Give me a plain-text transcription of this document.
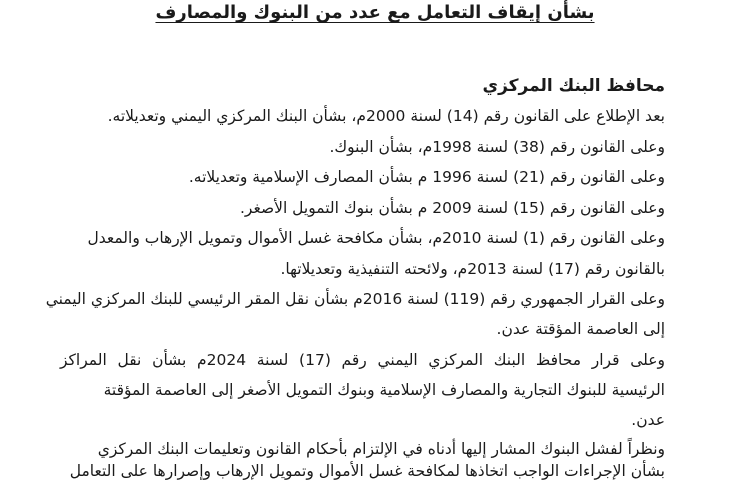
بشأن إيقاف التعامل مع عدد من البنوك والمصارف
محافظ البنك المركزي
بعد الإطلاع على القانون رقم (14) لسنة 2000م، بشأن البنك المركزي اليمني وتعديلاته.
وعلى القانون رقم (38) لسنة 1998م، بشأن البنوك.
وعلى القانون رقم (21) لسنة 1996 م بشأن المصارف الإسلامية وتعديلاته.
وعلى القانون رقم (15) لسنة 2009 م بشأن بنوك التمويل الأصغر.
وعلى القانون رقم (1) لسنة 2010م، بشأن مكافحة غسل الأموال وتمويل الإرهاب والمعدل
بالقانون رقم (17) لسنة 2013م، ولائحته التنفيذية وتعديلاتها.
وعلى القرار الجمهوري رقم (119) لسنة 2016م بشأن نقل المقر الرئيسي للبنك المركزي اليمني
إلى العاصمة المؤقتة عدن.
وعلى قرار محافظ البنك المركزي اليمني رقم (17) لسنة 2024م بشأن نقل المراكز
الرئيسية للبنوك التجارية والمصارف الإسلامية وبنوك التمويل الأصغر إلى العاصمة المؤقتة
عدن.
ونظراً لفشل البنوك المشار إليها أدناه في الإلتزام بأحكام القانون وتعليمات البنك المركزي
بشأن الإجراءات الواجب اتخاذها لمكافحة غسل الأموال وتمويل الإرهاب وإصرارها على التعامل
